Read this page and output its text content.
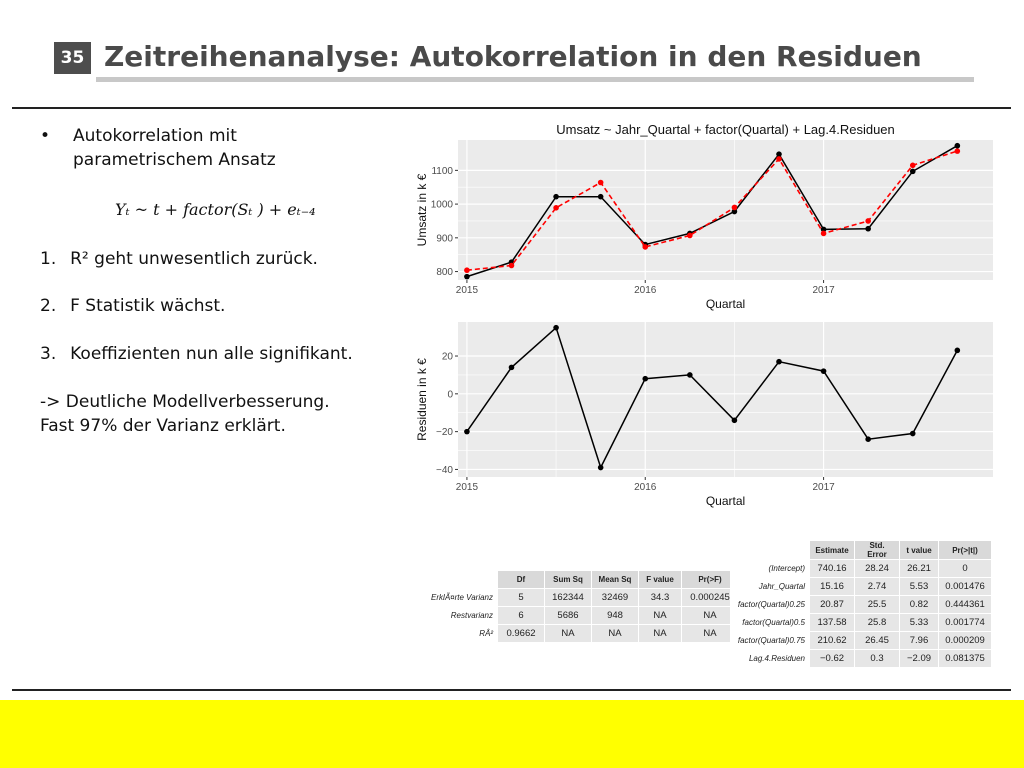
35 Zeitreihenanalyse: Autokorrelation in den Residuen
• Autokorrelation mit
parametrischem Ansatz
Yₜ ~ t + factor(Sₜ ) + eₜ₋₄
1.  R² geht unwesentlich zurück.
2.  F Statistik wächst.
3.  Koeffizienten nun alle signifikant.
-> Deutliche Modellverbesserung.
Fast 97% der Varianz erklärt.
2015	2016	2017
800
900
1000
1100
Umsatz ~ Jahr_Quartal + factor(Quartal) + Lag.4.Residuen
Quartal
Umsatz in k €
2015	2016	2017
−40
−20
0
20
Quartal
Residuen in k €
	Df	Sum Sq	Mean Sq	F value	Pr(>F)
ErklÃ¤rte Varianz	5	162344	32469	34.3	0.000245
Restvarianz	6	5686	948	NA	NA
RÂ²	0.9662	NA	NA	NA	NA
	Estimate	Std. Error	t value	Pr(>|t|)
(Intercept)	740.16	28.24	26.21	0
Jahr_Quartal	15.16	2.74	5.53	0.001476
factor(Quartal)0.25	20.87	25.5	0.82	0.444361
factor(Quartal)0.5	137.58	25.8	5.33	0.001774
factor(Quartal)0.75	210.62	26.45	7.96	0.000209
Lag.4.Residuen	−0.62	0.3	−2.09	0.081375
